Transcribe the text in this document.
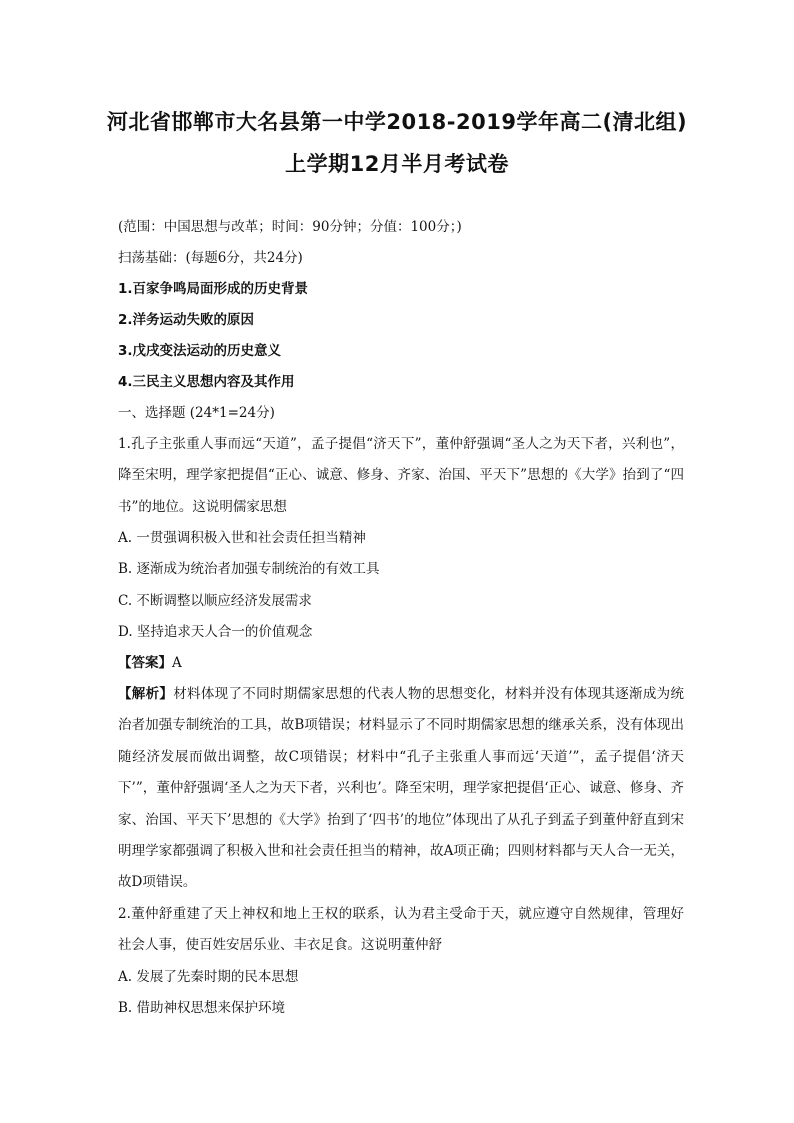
河北省邯郸市大名县第一中学2018-2019学年高二(清北组)
上学期12月半月考试卷
(范围：中国思想与改革；时间：90分钟；分值：100分；)
扫荡基础：(每题6分，共24分)
1.百家争鸣局面形成的历史背景
2.洋务运动失败的原因
3.戊戌变法运动的历史意义
4.三民主义思想内容及其作用
一、选择题 (24*1=24分)
1.孔子主张重人事而远“天道”，孟子提倡“济天下”，董仲舒强调“圣人之为天下者，兴利也”，降至宋明，理学家把提倡“正心、诚意、修身、齐家、治国、平天下”思想的《大学》抬到了“四书”的地位。这说明儒家思想
A. 一贯强调积极入世和社会责任担当精神
B. 逐渐成为统治者加强专制统治的有效工具
C. 不断调整以顺应经济发展需求
D. 坚持追求天人合一的价值观念
【答案】A
【解析】材料体现了不同时期儒家思想的代表人物的思想变化，材料并没有体现其逐渐成为统治者加强专制统治的工具，故B项错误；材料显示了不同时期儒家思想的继承关系，没有体现出随经济发展而做出调整，故C项错误；材料中“孔子主张重人事而远‘天道’”，孟子提倡‘济天下’”，董仲舒强调‘圣人之为天下者，兴利也’。降至宋明，理学家把提倡‘正心、诚意、修身、齐家、治国、平天下’思想的《大学》抬到了‘四书’的地位”体现出了从孔子到孟子到董仲舒直到宋明理学家都强调了积极入世和社会责任担当的精神，故A项正确；四则材料都与天人合一无关，故D项错误。
2.董仲舒重建了天上神权和地上王权的联系，认为君主受命于天，就应遵守自然规律，管理好社会人事，使百姓安居乐业、丰衣足食。这说明董仲舒
A. 发展了先秦时期的民本思想
B. 借助神权思想来保护环境
